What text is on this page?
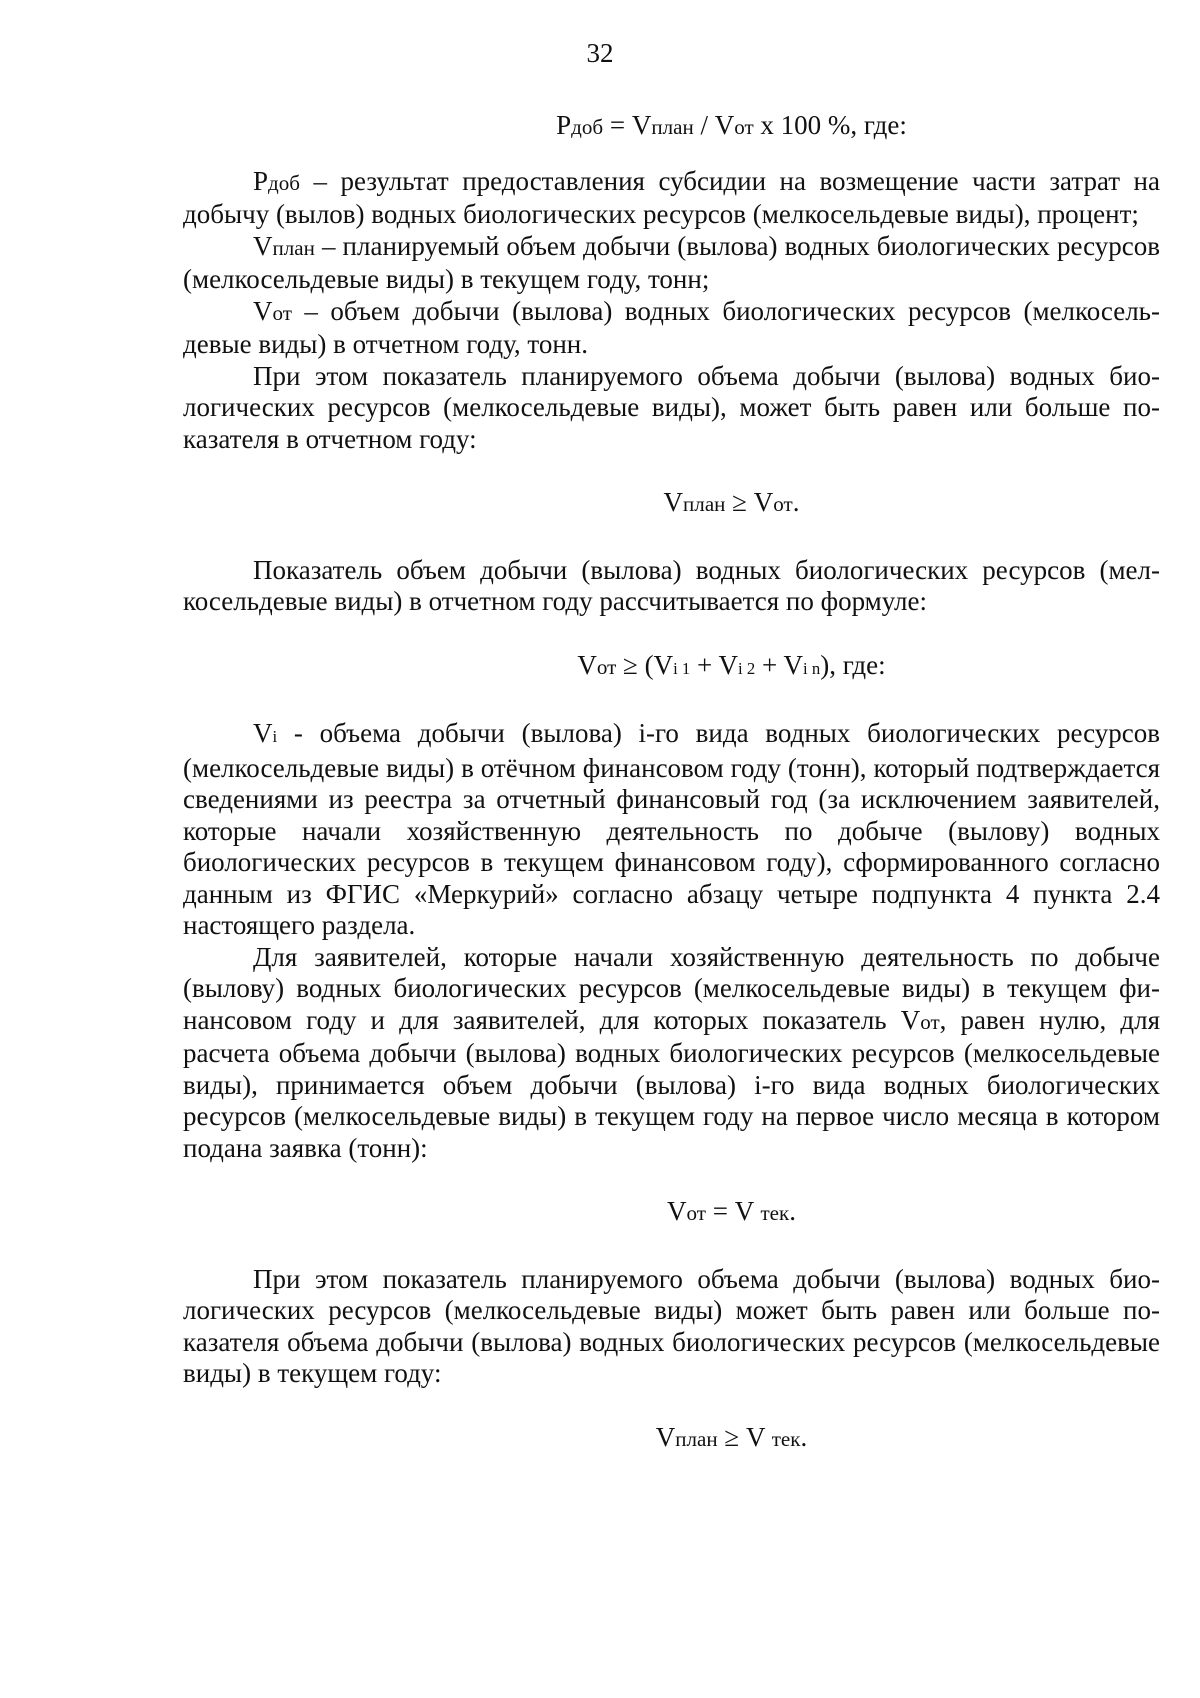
32

Рдоб = Vплан / Vот х 100 %, где:

Рдоб – результат предоставления субсидии на возмещение части затрат на добычу (вылов) водных биологических ресурсов (мелкосельдевые виды), процент;

Vплан – планируемый объем добычи (вылова) водных биологических ресурсов (мелкосельдевые виды) в текущем году, тонн;

Vот – объем добычи (вылова) водных биологических ресурсов (мелкосельдевые виды) в отчетном году, тонн.

При этом показатель планируемого объема добычи (вылова) водных биологических ресурсов (мелкосельдевые виды), может быть равен или больше показателя в отчетном году:

Vплан ≥ Vот.

Показатель объем добычи (вылова) водных биологических ресурсов (мелкосельдевые виды) в отчетном году рассчитывается по формуле:

Vот ≥ (Vi 1 + Vi 2 + Vi n), где:

Vi - объема добычи (вылова) i-го вида водных биологических ресурсов (мелкосельдевые виды) в отёчном финансовом году (тонн), который подтверждается сведениями из реестра за отчетный финансовый год (за исключением заявителей, которые начали хозяйственную деятельность по добыче (вылову) водных биологических ресурсов в текущем финансовом году), сформированного согласно данным из ФГИС «Меркурий» согласно абзацу четыре подпункта 4 пункта 2.4 настоящего раздела.

Для заявителей, которые начали хозяйственную деятельность по добыче (вылову) водных биологических ресурсов (мелкосельдевые виды) в текущем финансовом году и для заявителей, для которых показатель Vот, равен нулю, для расчета объема добычи (вылова) водных биологических ресурсов (мелкосельдевые виды), принимается объем добычи (вылова) i-го вида водных биологических ресурсов (мелкосельдевые виды) в текущем году на первое число месяца в котором подана заявка (тонн):

Vот = V тек.

При этом показатель планируемого объема добычи (вылова) водных биологических ресурсов (мелкосельдевые виды) может быть равен или больше показателя объема добычи (вылова) водных биологических ресурсов (мелкосельдевые виды) в текущем году:

Vплан ≥ V тек.
